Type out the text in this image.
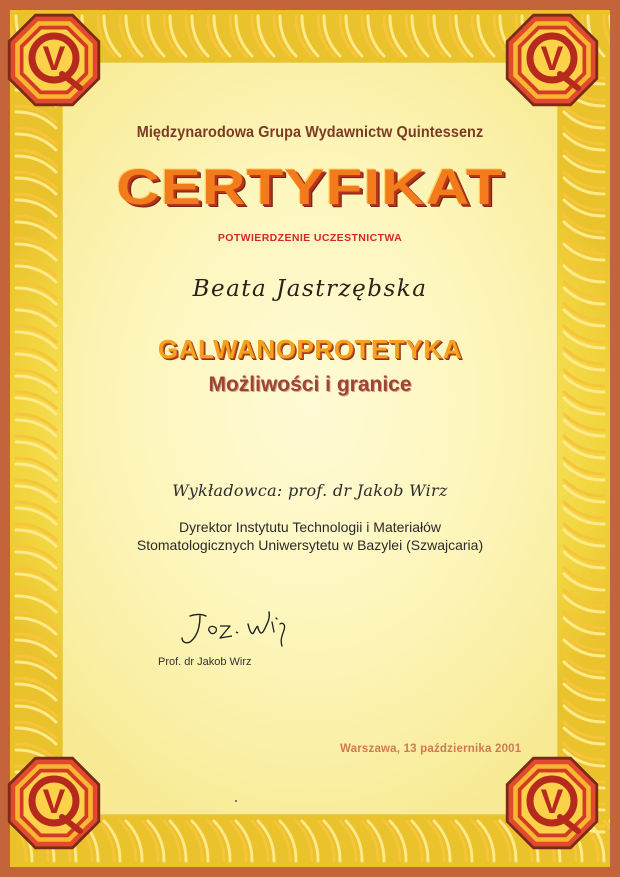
V	V
V	V
Międzynarodowa Grupa Wydawnictw Quintessenz
CERTYFIKAT
POTWIERDZENIE UCZESTNICTWA
Beata Jastrzębska
GALWANOPROTETYKA
Możliwości i granice
Wykładowca: prof. dr Jakob Wirz
Dyrektor Instytutu Technologii i Materiałów
Stomatologicznych Uniwersytetu w Bazylei (Szwajcaria)
Prof. dr Jakob Wirz
Warszawa, 13 października 2001
